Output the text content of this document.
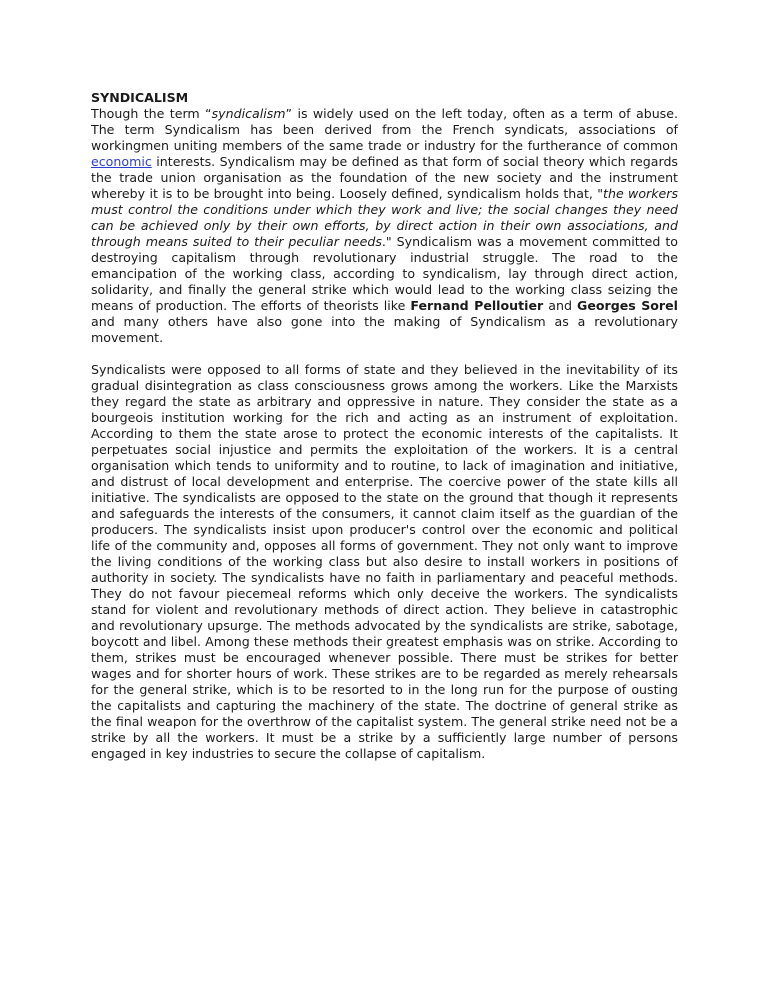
SYNDICALISM

Though the term “syndicalism” is widely used on the left today, often as a term of abuse. The term Syndicalism has been derived from the French syndicats, associations of workingmen uniting members of the same trade or industry for the furtherance of common economic interests. Syndicalism may be defined as that form of social theory which regards the trade union organisation as the foundation of the new society and the instrument whereby it is to be brought into being. Loosely defined, syndicalism holds that, "the workers must control the conditions under which they work and live; the social changes they need can be achieved only by their own efforts, by direct action in their own associations, and through means suited to their peculiar needs." Syndicalism was a movement committed to destroying capitalism through revolutionary industrial struggle. The road to the emancipation of the working class, according to syndicalism, lay through direct action, solidarity, and finally the general strike which would lead to the working class seizing the means of production. The efforts of theorists like Fernand Pelloutier and Georges Sorel and many others have also gone into the making of Syndicalism as a revolutionary movement.

Syndicalists were opposed to all forms of state and they believed in the inevitability of its gradual disintegration as class consciousness grows among the workers. Like the Marxists they regard the state as arbitrary and oppressive in nature. They consider the state as a bourgeois institution working for the rich and acting as an instrument of exploitation. According to them the state arose to protect the economic interests of the capitalists. It perpetuates social injustice and permits the exploitation of the workers. It is a central organisation which tends to uniformity and to routine, to lack of imagination and initiative, and distrust of local development and enterprise. The coercive power of the state kills all initiative. The syndicalists are opposed to the state on the ground that though it represents and safeguards the interests of the consumers, it cannot claim itself as the guardian of the producers. The syndicalists insist upon producer's control over the economic and political life of the community and, opposes all forms of government. They not only want to improve the living conditions of the working class but also desire to install workers in positions of authority in society. The syndicalists have no faith in parliamentary and peaceful methods. They do not favour piecemeal reforms which only deceive the workers. The syndicalists stand for violent and revolutionary methods of direct action. They believe in catastrophic and revolutionary upsurge. The methods advocated by the syndicalists are strike, sabotage, boycott and libel. Among these methods their greatest emphasis was on strike. According to them, strikes must be encouraged whenever possible. There must be strikes for better wages and for shorter hours of work. These strikes are to be regarded as merely rehearsals for the general strike, which is to be resorted to in the long run for the purpose of ousting the capitalists and capturing the machinery of the state. The doctrine of general strike as the final weapon for the overthrow of the capitalist system. The general strike need not be a strike by all the workers. It must be a strike by a sufficiently large number of persons engaged in key industries to secure the collapse of capitalism.
